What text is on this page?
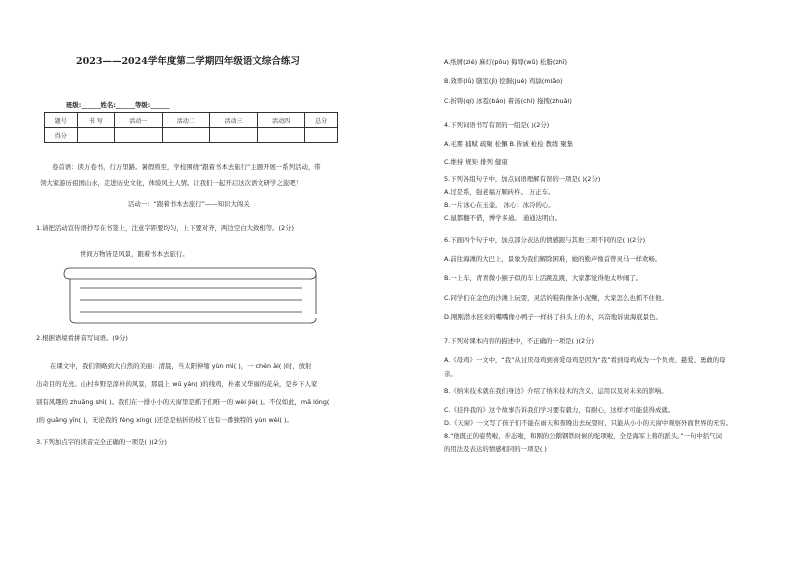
2023——2024学年度第二学期四年级语文综合练习
班级:______姓名:______等级:______
题号	书 写	活动一	活动二	活动三	活动四	总分
得分						
卷首语：读万卷书，行万里路。暑假将至，学校围绕“跟着书本去旅行”主题开展一系列活动，带
领大家游历祖国山水，走进历史文化，体验风土人情。让我们一起开启这次语文研学之旅吧！
活动一：“跟着书本去旅行”——知识大闯关
1.请把活动宣传语抄写在书签上，注意字距要均匀，上下要对齐，两边空白大致相等。(2分)
世间万物皆是风景，跟着书本去旅行。
2.根据语境看拼音写词语。(9分)
在课文中，我们领略到大自然的美丽：清晨，当太阳伸缩 yùn mì( )，一 chén ài( )时，放射
出奇目的光亮。山村乡野是淳朴的风景，那晨上 wū yán( )的线鸡，朴素又华丽的花朵，是乡下人家
别有风趣的 zhuāng shì( )。我们在一排小小的天窗里是抓于们唯一的 wèi jiè( )。不仅如此，mǎ lóng(
)的 guāng yīn( )，无论我的 fèng xíng( )还是是枯折的枝丫也有一番独特的 yùn wèi( )。
3.下列加点字的读音完全正确的一项是( )(2分)
A.纸屑(zié) 麻灯(pǒu) 侮辱(wǔ) 松脂(zhī)
B.效率(lǜ) 膳室(jì) 挖掘(jué) 鸡舔(miǎo)
C.折铸(qí) 冰雹(báo) 着汤(chí) 拖拽(zhuài)
4.下列词语书写有误的一组是( )(2分)
A.毛雾 捕赋 疏聚 松懈 B.皆诚 枪检 教练 聚集
C.维持 规矩 排列 健康
5.下列各组句子中，加点词语理解有误的一项是( )(2分)
A.过是系，强老福万顺砖杵。 万正车。
B.一片冰心在玉壶。 冰心：冰冷的心。
C.鼠都翻不借，博学多通。 通通达明白。
6.下面四个句子中，加点部分表达的情感跟与其他三项不同的是( )(2分)
A.前往海滩的大巴上，景象为我们解除困难，她的勤声像首曾灵马一样欢畅。
B.一上车，青青微小猴子似的车上活跳乱跳，大家都觉得他太吵闹了。
C.同学们在金色的沙滩上玩耍，灵活的鞋钩像条小泥鳅，大家怎么也抓不住他。
D.刚刚潜水回来的嘴嘴像小鸭子一样抖了抖头上的水，兴奋地诉说海底景色。
7.下列对课本内容的描述中，不正确的一项是( )(2分)
A.《母鸡》一文中，“我”从讨厌母鸡到喜爱母鸡是因为“我”看到母鸡成为一个负责、慈爱、勇敢的母
亲。
B.《纳米技术就在我们身边》介绍了纳米技术的含义、运用以及对未来的影响。
C.《挂件我的》这个故事告诉我们学习要有毅力，有耐心，这样才可能获得成就。
D.《天窗》一文写了孩子们不能在雨天和夜晚出去玩耍时，只能从小小的天窗中观察外面世界的无穷。
8.“他既正的姿势啦，步态啦，和刚的公鹅钢铁时候的驼项啦，全是海军上将的派头。”一句中括气词
的用法及表达的情感相同的一项是( )
